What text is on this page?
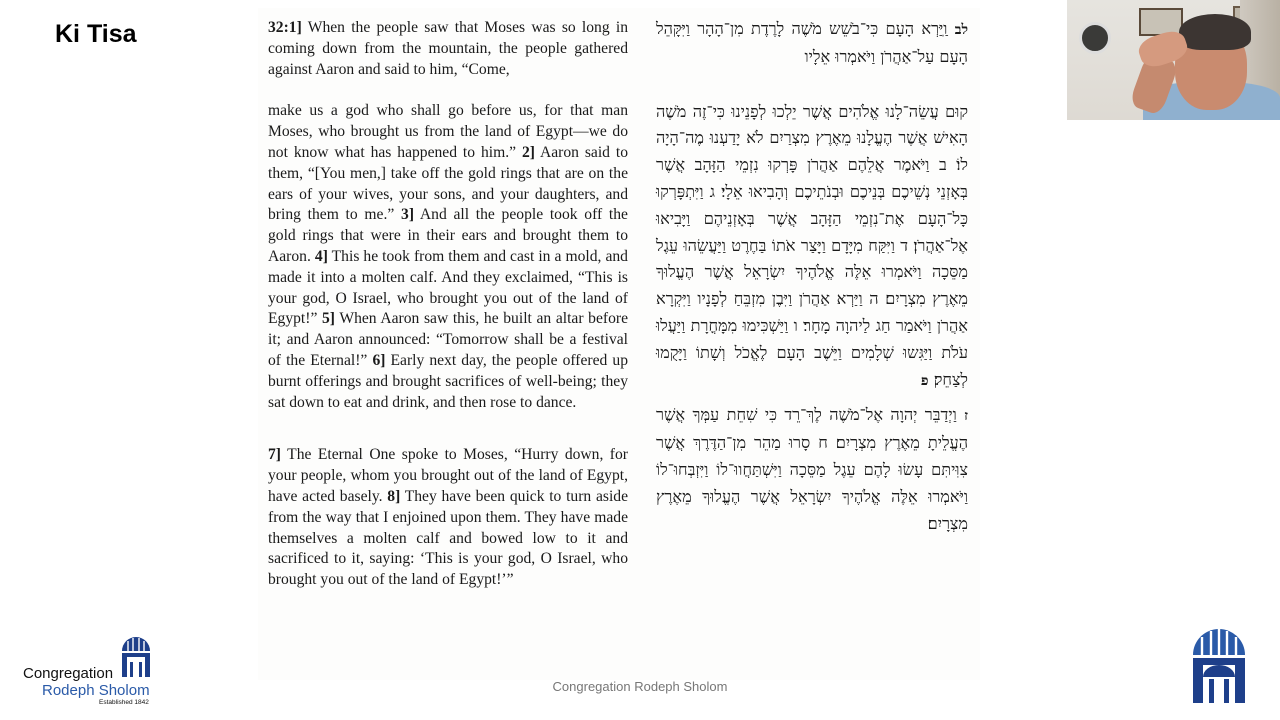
Ki Tisa	32:1] When the people saw that Moses was so long in coming down from the mountain, the people gathered against Aaron and said to him, “Come,

make us a god who shall go before us, for that man Moses, who brought us from the land of Egypt—we do not know what has happened to him.” 2] Aaron said to them, “[You men,] take off the gold rings that are on the ears of your wives, your sons, and your daughters, and bring them to me.” 3] And all the people took off the gold rings that were in their ears and brought them to Aaron. 4] This he took from them and cast in a mold, and made it into a molten calf. And they exclaimed, “This is your god, O Israel, who brought you out of the land of Egypt!” 5] When Aaron saw this, he built an altar before it; and Aaron announced: “Tomorrow shall be a festival of the Eternal!” 6] Early next day, the people offered up burnt offerings and brought sacrifices of well-being; they sat down to eat and drink, and then rose to dance.

7] The Eternal One spoke to Moses, “Hurry down, for your people, whom you brought out of the land of Egypt, have acted basely. 8] They have been quick to turn aside from the way that I enjoined upon them. They have made themselves a molten calf and bowed low to it and sacrificed to it, saying: ‘This is your god, O Israel, who brought you out of the land of Egypt!’”

לב וַֽיַּרְא הָעָם כִּי־בֹשֵׁש מֹשֶׁה לָרֶדֶת מִן־הָהָר וַיִּקָּהֵל הָעָם עַל־אַהֲרֹן וַיֹּאמְרוּ אֵלָיו

קוּם עֲשֵׂה־לָנוּ אֱלֹהִים אֲשֶׁר יֵלְכוּ לְפָנֵינוּ כִּי־זֶה מֹשֶׁה הָאִישׁ אֲשֶׁר הֶעֱלָנוּ מֵאֶרֶץ מִצְרַיִם לֹא יָדַעְנוּ מֶה־הָיָה לוֹ׃ ב וַיֹּאמֶר אֲלֵהֶם אַהֲרֹן פָּרְקוּ נִזְמֵי הַזָּהָב אֲשֶׁר בְּאָזְנֵי נְשֵׁיכֶם בְּנֵיכֶם וּבְנֹתֵיכֶם וְהָבִיאוּ אֵלָי׃ ג וַיִּתְפָּרְקוּ כָּל־הָעָם אֶת־נִזְמֵי הַזָּהָב אֲשֶׁר בְּאָזְנֵיהֶם וַיָּבִיאוּ אֶל־אַהֲרֹן׃ ד וַיִּקַּח מִיָּדָם וַיָּצַר אֹתוֹ בַּחֶרֶט וַיַּעֲשֵׂהוּ עֵגֶל מַסֵּכָה וַיֹּאמְרוּ אֵלֶּה אֱלֹהֶיךָ יִשְׂרָאֵל אֲשֶׁר הֶעֱלוּךָ מֵאֶרֶץ מִצְרָיִם׃ ה וַיַּרְא אַהֲרֹן וַיִּבֶן מִזְבֵּחַ לְפָנָיו וַיִּקְרָא אַהֲרֹן וַיֹּאמַר חַג לַיהוָה מָחָר׃ ו וַיַּשְׁכִּימוּ מִמָּחֳרָת וַיַּעֲלוּ עֹלֹת וַיַּגִּשוּ שְׁלָמִים וַיֵּשֶׁב הָעָם לֶאֱכֹל וְשָׁתוֹ וַיָּקֻמוּ לְצַחֵק׃ פ

ז וַיְדַבֵּר יְהוָה אֶל־מֹשֶׁה לֶךְ־רֵד כִּי שִׁחֵת עַמְּךָ אֲשֶׁר הֶעֱלֵיתָ מֵאֶרֶץ מִצְרָיִם׃ ח סָרוּ מַהֵר מִן־הַדֶּרֶךְ אֲשֶׁר צִוִּיתִּם עָשׂוּ לָהֶם עֵגֶל מַסֵּכָה וַיִּשְׁתַּחֲווּ־לוֹ וַיִּזְבְּחוּ־לוֹ וַיֹּאמְרוּ אֵלֶּה אֱלֹהֶיךָ יִשְׂרָאֵל אֲשֶׁר הֶעֱלוּךָ מֵאֶרֶץ מִצְרָיִם׃

Congregation Rodeph Sholom
Congregation
Rodeph Sholom
Established 1842
